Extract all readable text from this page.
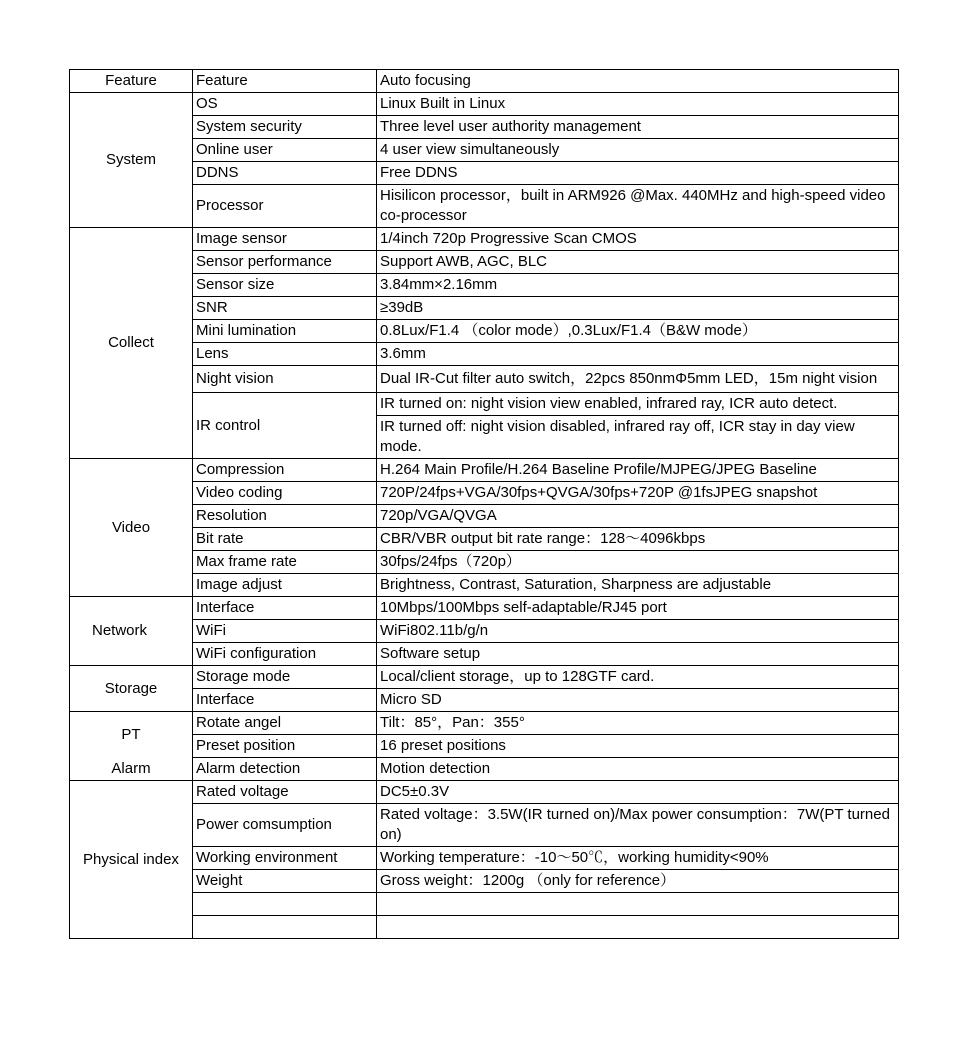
Feature	Feature	Auto focusing
System	OS	Linux Built in Linux
	System security	Three level user authority management
	Online user	4 user view simultaneously
	DDNS	Free DDNS
	Processor	Hisilicon processor，built in ARM926 @Max. 440MHz and high-speed video co-processor
Collect	Image sensor	1/4inch 720p Progressive Scan CMOS
	Sensor performance	Support AWB, AGC, BLC
	Sensor size	3.84mm×2.16mm
	SNR	≥39dB
	Mini lumination	0.8Lux/F1.4 （color mode）,0.3Lux/F1.4（B&W mode）
	Lens	3.6mm
	Night vision	Dual IR-Cut filter auto switch，22pcs 850nmΦ5mm LED，15m night vision
	IR control	IR turned on: night vision view enabled, infrared ray, ICR auto detect.
		IR turned off: night vision disabled, infrared ray off, ICR stay in day view mode.
Video	Compression	H.264 Main Profile/H.264 Baseline Profile/MJPEG/JPEG Baseline
	Video coding	720P/24fps+VGA/30fps+QVGA/30fps+720P @1fsJPEG snapshot
	Resolution	720p/VGA/QVGA
	Bit rate	CBR/VBR output bit rate range：128～4096kbps
	Max frame rate	30fps/24fps（720p）
	Image adjust	Brightness, Contrast, Saturation, Sharpness are adjustable
Network	Interface	10Mbps/100Mbps self-adaptable/RJ45 port
	WiFi	WiFi802.11b/g/n
	WiFi configuration	Software setup
Storage	Storage mode	Local/client storage，up to 128GTF card.
	Interface	Micro SD
PT	Rotate angel	Tilt：85°，Pan：355°
	Preset position	16 preset positions
Alarm	Alarm detection	Motion detection
Physical index	Rated voltage	DC5±0.3V
	Power comsumption	Rated voltage：3.5W(IR turned on)/Max power consumption：7W(PT turned on)
	Working environment	Working temperature：-10～50℃，working humidity<90%
	Weight	Gross weight：1200g （only for reference）
